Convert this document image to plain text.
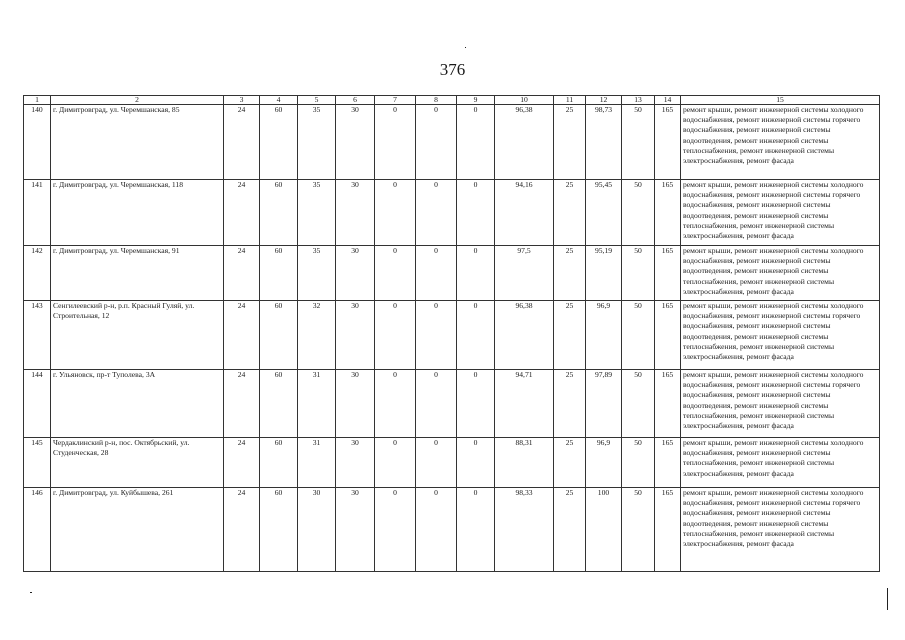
376
1	2	3	4	5	6	7	8	9	10	11	12	13	14	15
140	г. Димитровград, ул. Черемшанская, 85	24	60	35	30	0	0	0	96,38	25	98,73	50	165	ремонт крыши, ремонт инженерной системы холодного водоснабжения, ремонт инженерной системы горячего водоснабжения, ремонт инженерной системы водоотведения, ремонт инженерной системы теплоснабжения, ремонт инженерной системы электроснабжения, ремонт фасада
141	г. Димитровград, ул. Черемшанская, 118	24	60	35	30	0	0	0	94,16	25	95,45	50	165	ремонт крыши, ремонт инженерной системы холодного водоснабжения, ремонт инженерной системы горячего водоснабжения, ремонт инженерной системы водоотведения, ремонт инженерной системы теплоснабжения, ремонт инженерной системы электроснабжения, ремонт фасада
142	г. Димитровград, ул. Черемшанская, 91	24	60	35	30	0	0	0	97,5	25	95,19	50	165	ремонт крыши, ремонт инженерной системы холодного водоснабжения, ремонт инженерной системы водоотведения, ремонт инженерной системы теплоснабжения, ремонт инженерной системы электроснабжения, ремонт фасада
143	Сенгилеевский р-н, р.п. Красный Гуляй, ул. Строительная, 12	24	60	32	30	0	0	0	96,38	25	96,9	50	165	ремонт крыши, ремонт инженерной системы холодного водоснабжения, ремонт инженерной системы горячего водоснабжения, ремонт инженерной системы водоотведения, ремонт инженерной системы теплоснабжения, ремонт инженерной системы электроснабжения, ремонт фасада
144	г. Ульяновск, пр-т Туполева, 3А	24	60	31	30	0	0	0	94,71	25	97,89	50	165	ремонт крыши, ремонт инженерной системы холодного водоснабжения, ремонт инженерной системы горячего водоснабжения, ремонт инженерной системы водоотведения, ремонт инженерной системы теплоснабжения, ремонт инженерной системы электроснабжения, ремонт фасада
145	Чердаклинский р-н, пос. Октябрьский, ул. Студенческая, 28	24	60	31	30	0	0	0	88,31	25	96,9	50	165	ремонт крыши, ремонт инженерной системы холодного водоснабжения, ремонт инженерной системы теплоснабжения, ремонт инженерной системы электроснабжения, ремонт фасада
146	г. Димитровград, ул. Куйбышева, 261	24	60	30	30	0	0	0	98,33	25	100	50	165	ремонт крыши, ремонт инженерной системы холодного водоснабжения, ремонт инженерной системы горячего водоснабжения, ремонт инженерной системы водоотведения, ремонт инженерной системы теплоснабжения, ремонт инженерной системы электроснабжения, ремонт фасада
